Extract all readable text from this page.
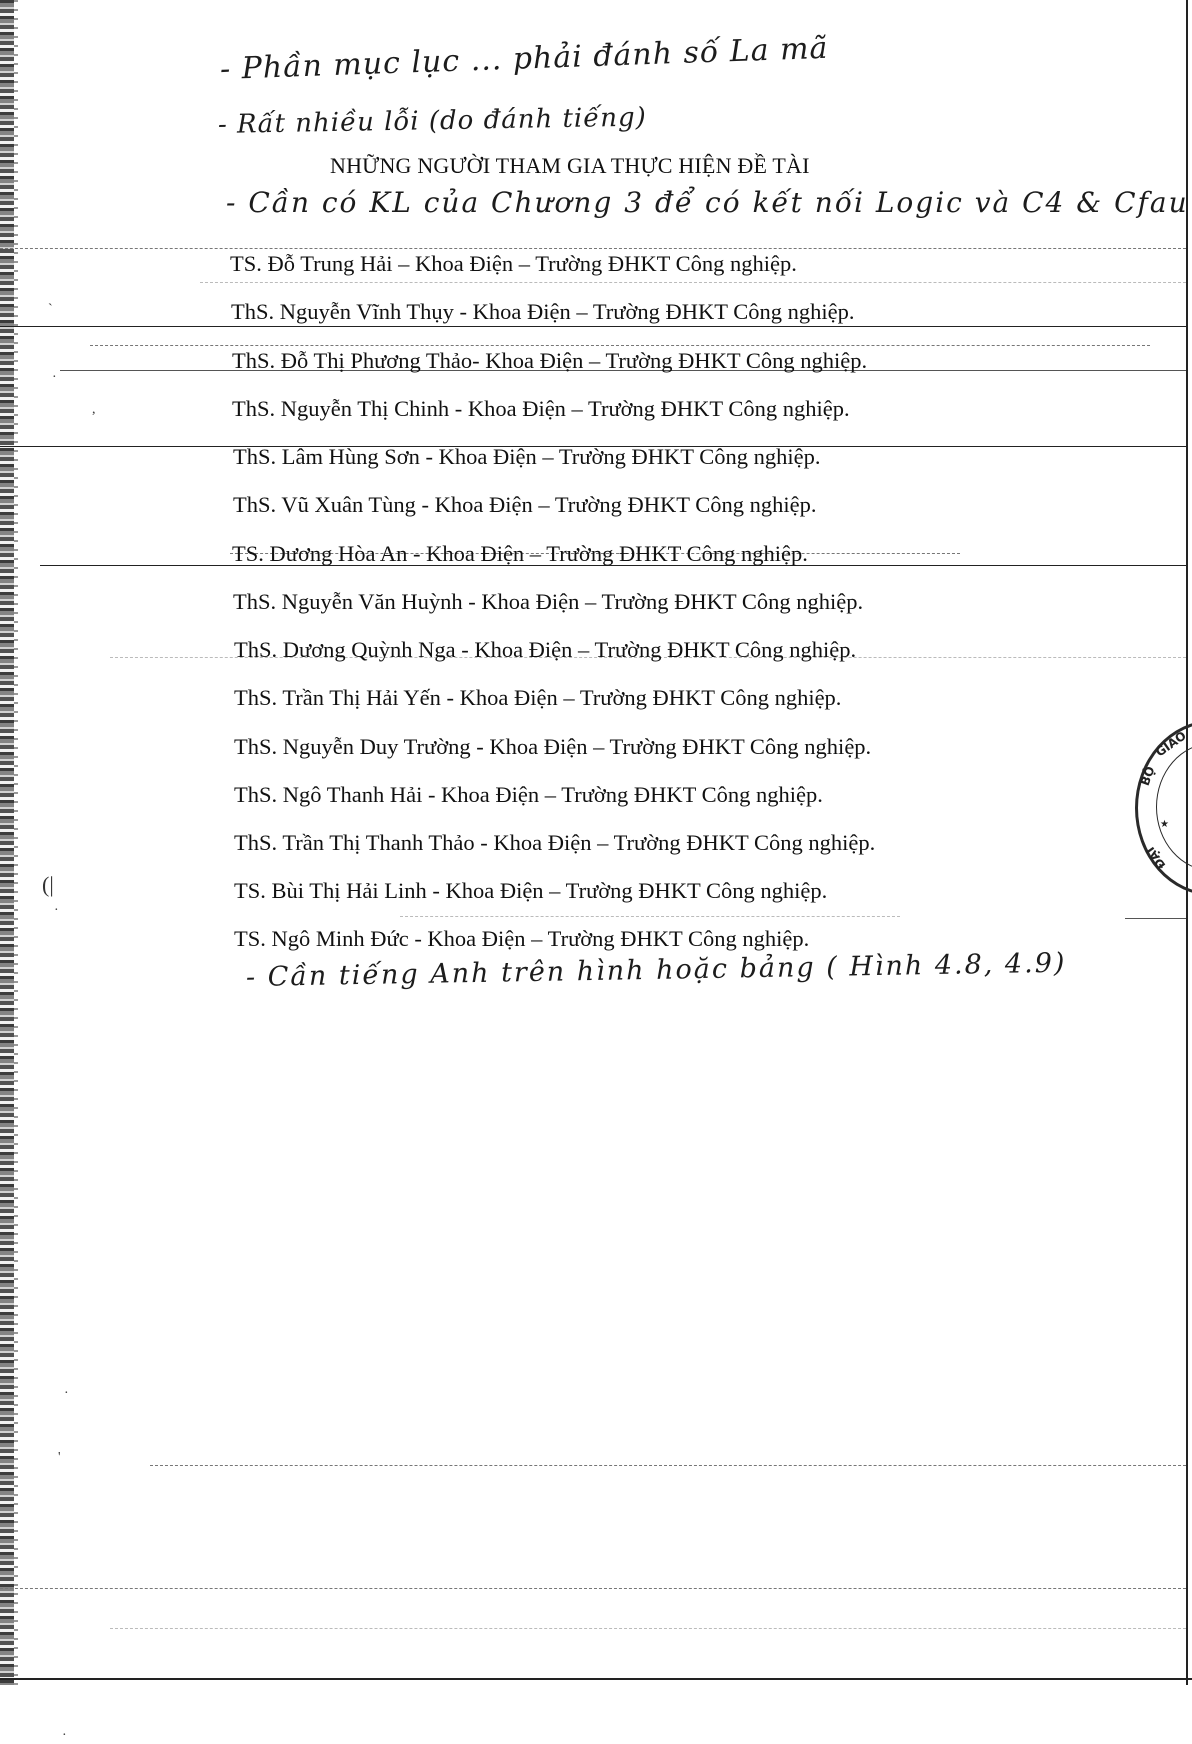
- Phần mục lục ... phải đánh số La mã
- Rất nhiều lỗi (do đánh tiếng)
NHỮNG NGƯỜI THAM GIA THỰC HIỆN ĐỀ TÀI
- Cần có KL của Chương 3 để có kết nối Logic và C4 & Cfau
TS. Đỗ Trung Hải – Khoa Điện – Trường ĐHKT Công nghiệp.
ThS. Nguyễn Vĩnh Thụy - Khoa Điện – Trường ĐHKT Công nghiệp.
ThS. Đỗ Thị Phương Thảo- Khoa Điện – Trường ĐHKT Công nghiệp.
ThS. Nguyễn Thị Chinh - Khoa Điện – Trường ĐHKT Công nghiệp.
ThS. Lâm Hùng Sơn - Khoa Điện – Trường ĐHKT Công nghiệp.
ThS. Vũ Xuân Tùng - Khoa Điện – Trường ĐHKT Công nghiệp.
TS. Dương Hòa An - Khoa Điện – Trường ĐHKT Công nghiệp.
ThS. Nguyễn Văn Huỳnh - Khoa Điện – Trường ĐHKT Công nghiệp.
ThS. Dương Quỳnh Nga - Khoa Điện – Trường ĐHKT Công nghiệp.
ThS. Trần Thị Hải Yến - Khoa Điện – Trường ĐHKT Công nghiệp.
ThS. Nguyễn Duy Trường - Khoa Điện – Trường ĐHKT Công nghiệp.
ThS. Ngô Thanh Hải - Khoa Điện – Trường ĐHKT Công nghiệp.
ThS. Trần Thị Thanh Thảo - Khoa Điện – Trường ĐHKT Công nghiệp.
TS. Bùi Thị Hải Linh - Khoa Điện – Trường ĐHKT Công nghiệp.
TS. Ngô Minh Đức - Khoa Điện – Trường ĐHKT Công nghiệp.
- Cần tiếng Anh trên hình hoặc bảng ( Hình 4.8, 4.9)
BỘ
GIÁO
ĐẠI
★
`
·
,
(|
·
·
·
'
